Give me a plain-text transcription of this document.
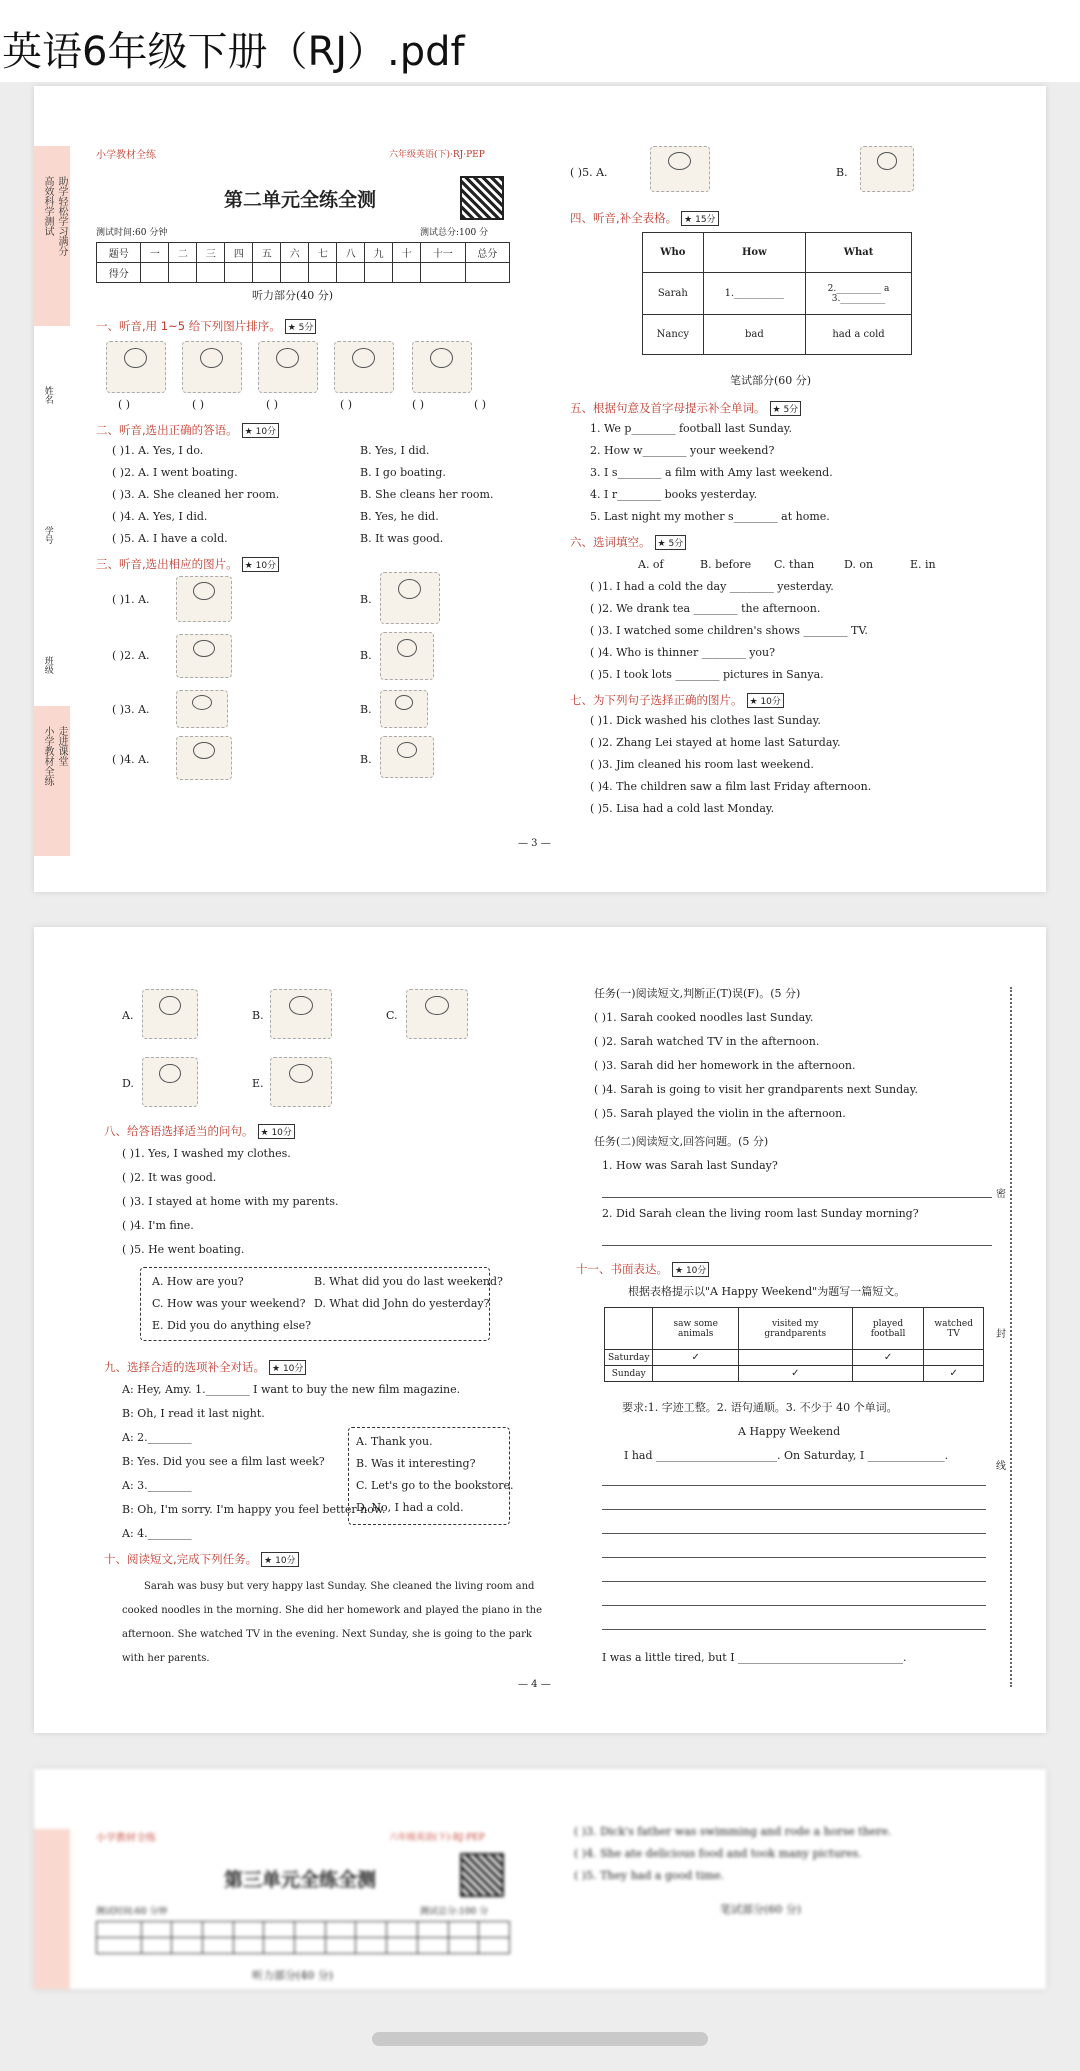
英语6年级下册（RJ）.pdf
高效科学测试 助学轻松学习满分
小学教材全练 走进课堂
姓名
学号
班级
小学教材全练	六年级英语(下)·RJ·PEP
第二单元全练全测
测试时间:60 分钟	测试总分:100 分
题号	一	二	三	四	五	六	七	八	九	十	十一	总分
得分												
听力部分(40 分)
一、听音,用 1~5 给下列图片排序。 ★ 5分
( )	( )	( )	( )	( )	( )
二、听音,选出正确的答语。 ★ 10分
( )1. A. Yes, I do.	B. Yes, I did.
( )2. A. I went boating.	B. I go boating.
( )3. A. She cleaned her room.	B. She cleans her room.
( )4. A. Yes, I did.	B. Yes, he did.
( )5. A. I have a cold.	B. It was good.
三、听音,选出相应的图片。 ★ 10分
( )1. A.	B.
( )2. A.	B.
( )3. A.	B.
( )4. A.	B.
( )5. A.	B.
四、听音,补全表格。 ★ 15分
Who	How	What
Sarah	1.__________	2.__________ a
3.__________
Nancy	bad	had a cold
笔试部分(60 分)
五、根据句意及首字母提示补全单词。 ★ 5分
1. We p________ football last Sunday.
2. How w________ your weekend?
3. I s________ a film with Amy last weekend.
4. I r________ books yesterday.
5. Last night my mother s________ at home.
六、选词填空。 ★ 5分
A. of	B. before C. than	D. on	E. in
( )1. I had a cold the day ________ yesterday.
( )2. We drank tea ________ the afternoon.
( )3. I watched some children's shows ________ TV.
( )4. Who is thinner ________ you?
( )5. I took lots ________ pictures in Sanya.
七、为下列句子选择正确的图片。 ★ 10分
( )1. Dick washed his clothes last Sunday.
( )2. Zhang Lei stayed at home last Saturday.
( )3. Jim cleaned his room last weekend.
( )4. The children saw a film last Friday afternoon.
( )5. Lisa had a cold last Monday.
— 3 —
A.	B.	C.
D.	E.
八、给答语选择适当的问句。 ★ 10分
( )1. Yes, I washed my clothes.
( )2. It was good.
( )3. I stayed at home with my parents.
( )4. I'm fine.
( )5. He went boating.
A. How are you?	B. What did you do last weekend?
C. How was your weekend? D. What did John do yesterday?
E. Did you do anything else?
九、选择合适的选项补全对话。 ★ 10分
A: Hey, Amy. 1.________ I want to buy the new film magazine.
B: Oh, I read it last night.
A: 2.________
B: Yes. Did you see a film last week?
A: 3.________
B: Oh, I'm sorry. I'm happy you feel better now.
A: 4.________
A. Thank you.
B. Was it interesting?
C. Let's go to the bookstore.
D. No, I had a cold.
十、阅读短文,完成下列任务。 ★ 10分
Sarah was busy but very happy last Sunday. She cleaned the living room and
cooked noodles in the morning. She did her homework and played the piano in the
afternoon. She watched TV in the evening. Next Sunday, she is going to the park
with her parents.
任务(一)阅读短文,判断正(T)误(F)。(5 分)
( )1. Sarah cooked noodles last Sunday.
( )2. Sarah watched TV in the afternoon.
( )3. Sarah did her homework in the afternoon.
( )4. Sarah is going to visit her grandparents next Sunday.
( )5. Sarah played the violin in the afternoon.
任务(二)阅读短文,回答问题。(5 分)
1. How was Sarah last Sunday?
2. Did Sarah clean the living room last Sunday morning?
十一、书面表达。 ★ 10分
根据表格提示以"A Happy Weekend"为题写一篇短文。
	saw some animals	visited my grandparents	played football	watched TV
Saturday	✓		✓	
Sunday		✓		✓
要求:1. 字迹工整。2. 语句通顺。3. 不少于 40 个单词。
A Happy Weekend
I had ______________________. On Saturday, I ______________.
I was a little tired, but I ______________________________.
密
封
线
— 4 —
小学教材全练	六年级英语(下)·RJ·PEP
第三单元全练全测
测试时间:60 分钟	测试总分:100 分

听力部分(40 分)
( )3. Dick's father was swimming and rode a horse there.
( )4. She ate delicious food and took many pictures.
( )5. They had a good time.
笔试部分(60 分)
